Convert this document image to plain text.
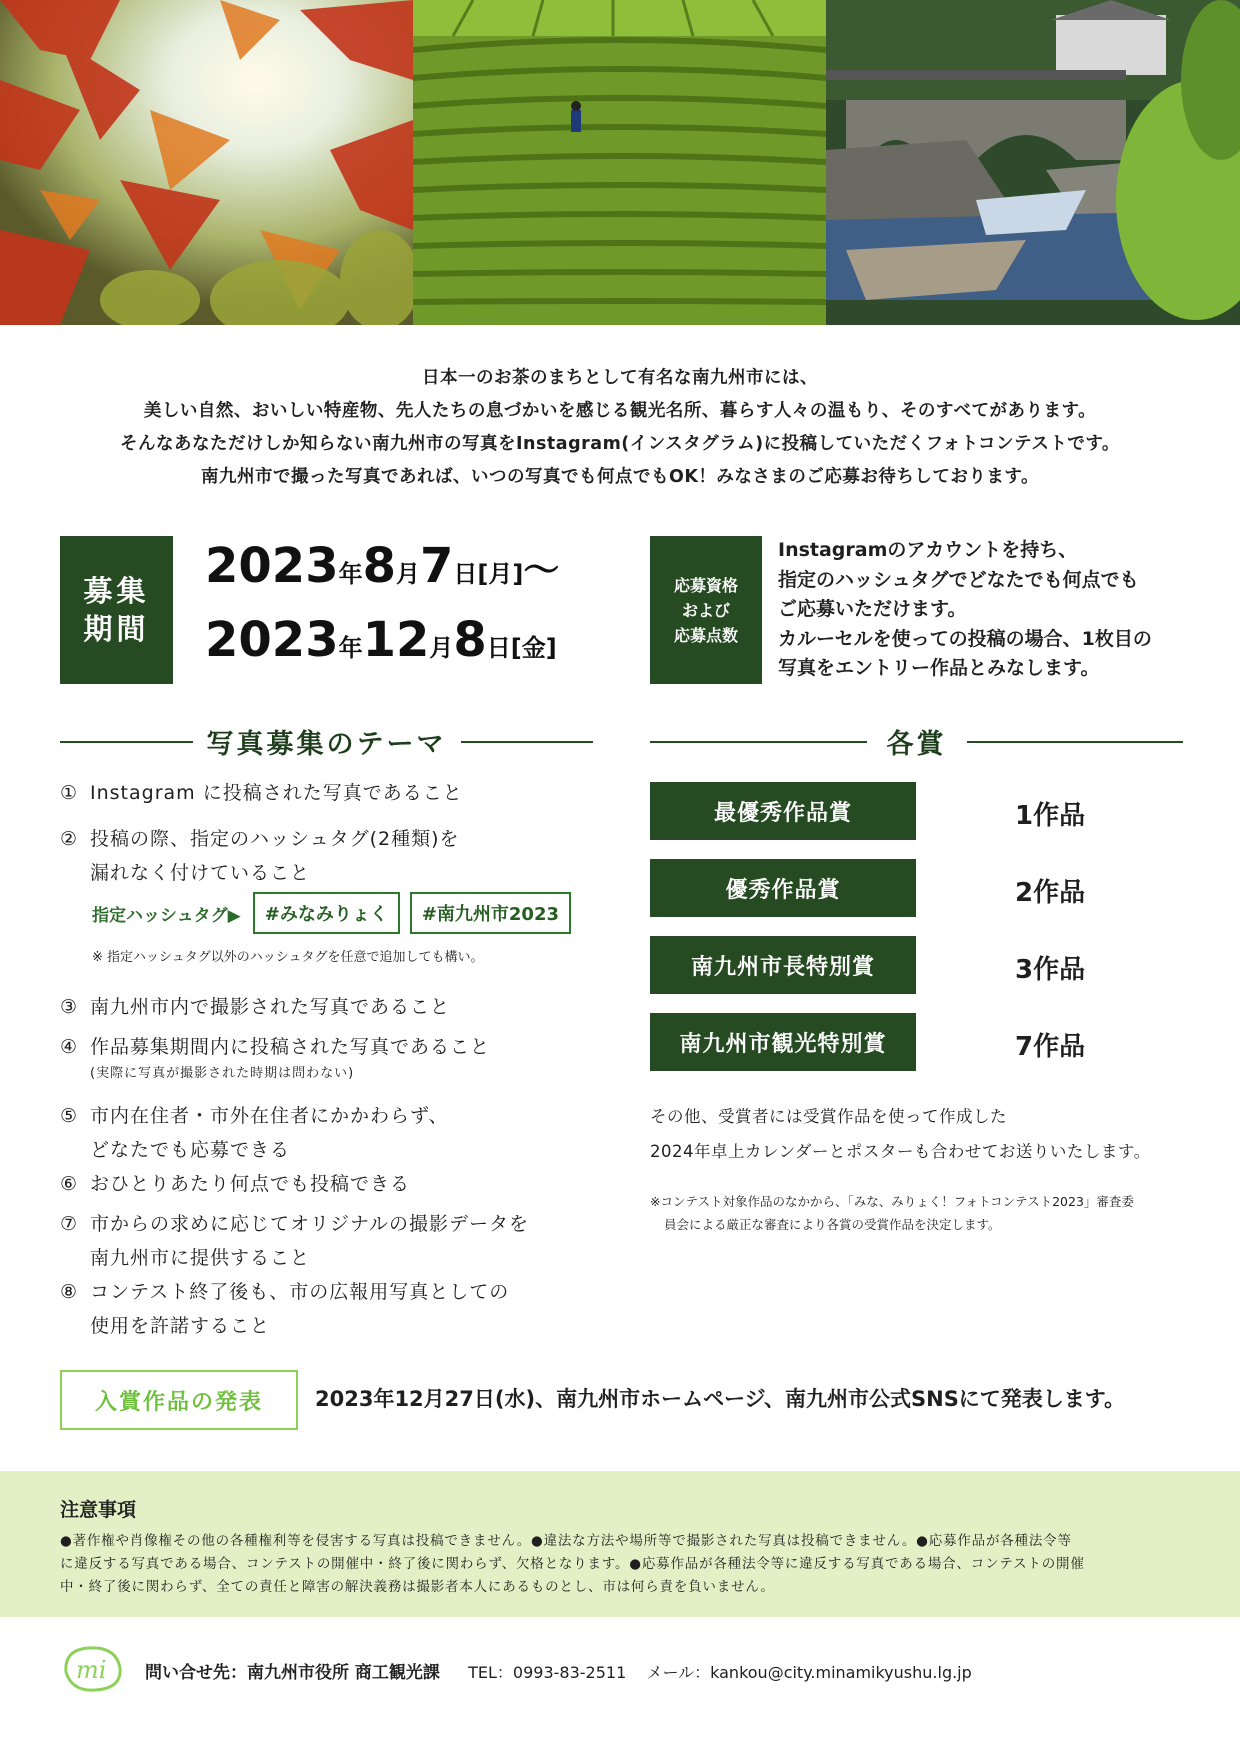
日本一のお茶のまちとして有名な南九州市には、
美しい自然、おいしい特産物、先人たちの息づかいを感じる観光名所、暮らす人々の温もり、そのすべてがあります。
そんなあなただけしか知らない南九州市の写真をInstagram(インスタグラム)に投稿していただくフォトコンテストです。
南九州市で撮った写真であれば、いつの写真でも何点でもOK！みなさまのご応募お待ちしております。
募集期間
2023年8月7日[月]〜
2023年12月8日[金]
応募資格
および
応募点数
Instagramのアカウントを持ち、
指定のハッシュタグでどなたでも何点でも
ご応募いただけます。
カルーセルを使っての投稿の場合、1枚目の
写真をエントリー作品とみなします。
写真募集のテーマ
① Instagram に投稿された写真であること
② 投稿の際、指定のハッシュタグ(2種類)を
漏れなく付けていること
指定ハッシュタグ▶	#みなみりょく	#南九州市2023
※ 指定ハッシュタグ以外のハッシュタグを任意で追加しても構い。
③ 南九州市内で撮影された写真であること
④ 作品募集期間内に投稿された写真であること
(実際に写真が撮影された時期は問わない)
⑤ 市内在住者・市外在住者にかかわらず、
どなたでも応募できる
⑥ おひとりあたり何点でも投稿できる
⑦ 市からの求めに応じてオリジナルの撮影データを
南九州市に提供すること
⑧ コンテスト終了後も、市の広報用写真としての
使用を許諾すること
各賞
最優秀作品賞	1作品
優秀作品賞	2作品
南九州市長特別賞	3作品
南九州市観光特別賞	7作品
その他、受賞者には受賞作品を使って作成した
2024年卓上カレンダーとポスターも合わせてお送りいたします。
※コンテスト対象作品のなかから、「みな、みりょく！フォトコンテスト2023」審査委
員会による厳正な審査により各賞の受賞作品を決定します。
入賞作品の発表	2023年12月27日(水)、南九州市ホームページ、南九州市公式SNSにて発表します。
注意事項
●著作権や肖像権その他の各種権利等を侵害する写真は投稿できません。●違法な方法や場所等で撮影された写真は投稿できません。●応募作品が各種法令等
に違反する写真である場合、コンテストの開催中・終了後に関わらず、欠格となります。●応募作品が各種法令等に違反する写真である場合、コンテストの開催
中・終了後に関わらず、全ての責任と障害の解決義務は撮影者本人にあるものとし、市は何ら責を負いません。
mi 問い合せ先：南九州市役所 商工観光課 TEL：0993-83-2511 メール：kankou@city.minamikyushu.lg.jp
